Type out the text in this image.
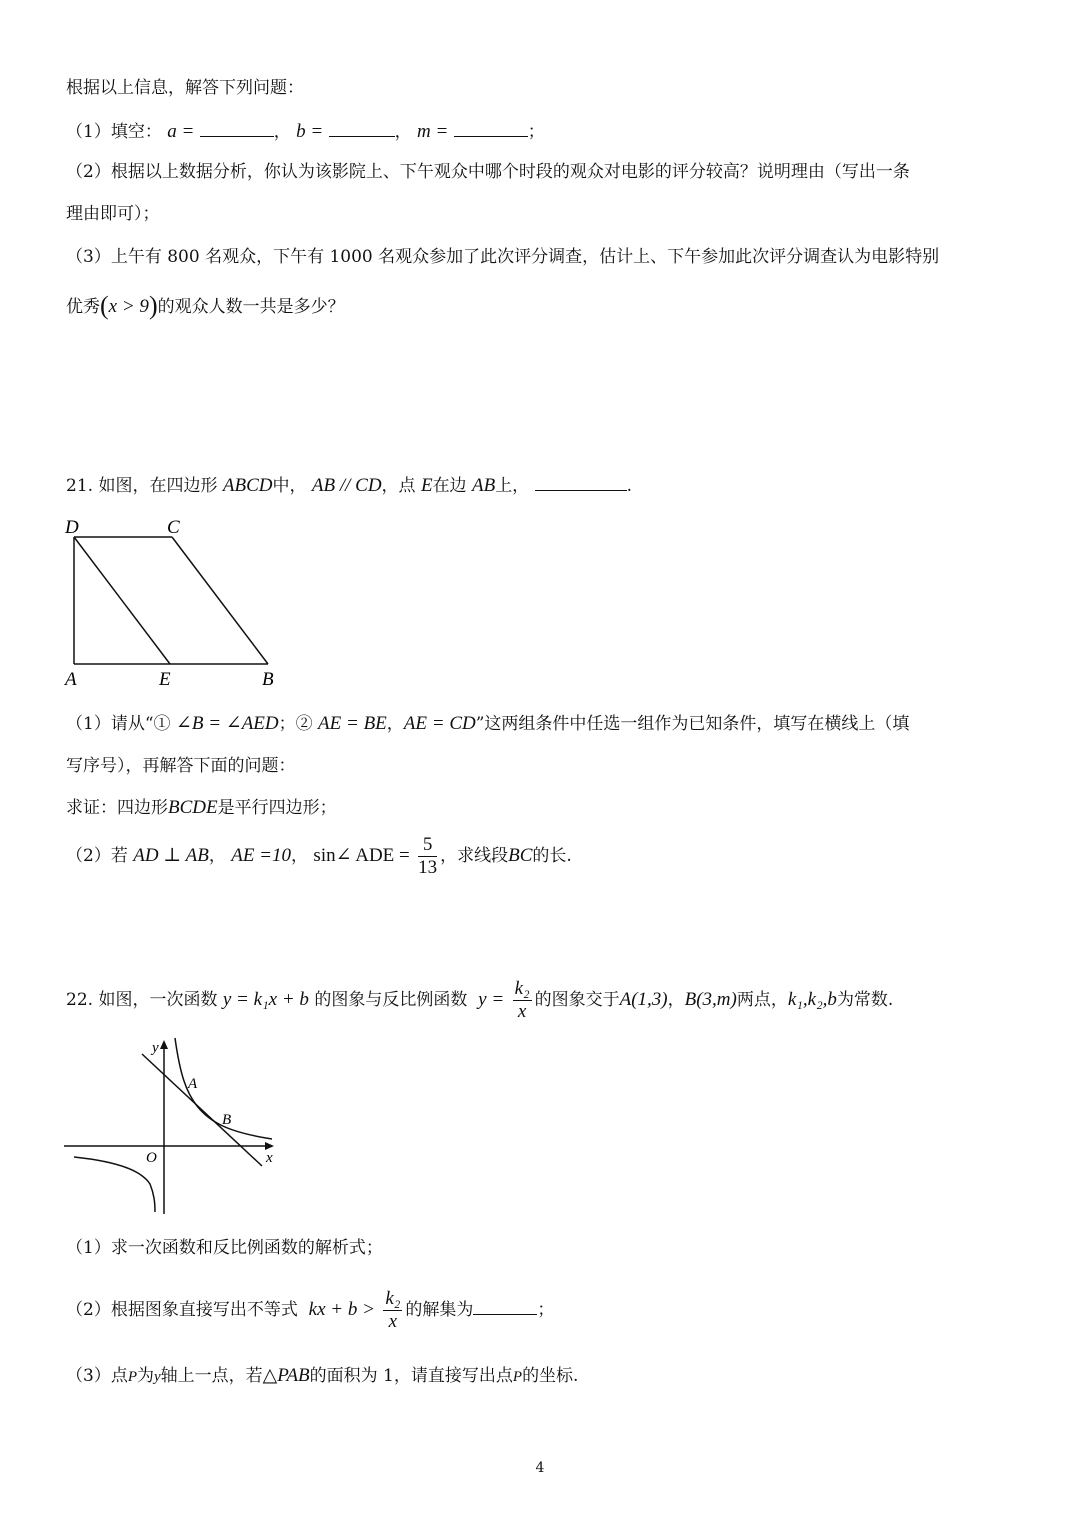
根据以上信息，解答下列问题：
（1）填空： a =	， b =	， m =	；
（2）根据以上数据分析，你认为该影院上、下午观众中哪个时段的观众对电影的评分较高？说明理由（写出一条
理由即可）；
（3）上午有 800 名观众，下午有 1000 名观众参加了此次评分调查，估计上、下午参加此次评分调查认为电影特别
优秀(x > 9)的观众人数一共是多少？
21. 如图，在四边形 ABCD中， AB // CD，点 E在边 AB上，	.
D	C
A	E	B
（1）请从“① ∠B = ∠AED；② AE = BE，AE = CD”这两组条件中任选一组作为已知条件，填写在横线上（填
写序号），再解答下面的问题：
求证：四边形BCDE是平行四边形；
（2）若 AD ⊥ AB， AE =10， sin∠ ADE = $\frac{5}{13}$ ，求线段BC的长.
22. 如图，一次函数 y = k₁x + b 的图象与反比例函数 $y = \frac{\text{k₂}}{x}$ 的图象交于A(1,3)，B(3,m)两点，k₁,k₂,b为常数.
y
x
O
A
B
（1）求一次函数和反比例函数的解析式；
（2）根据图象直接写出不等式 kx + $b > \frac{\text{k₂}}{x}$ 的解集为	；
（3）点P为y轴上一点，若△PAB的面积为 1，请直接写出点P的坐标.
4
